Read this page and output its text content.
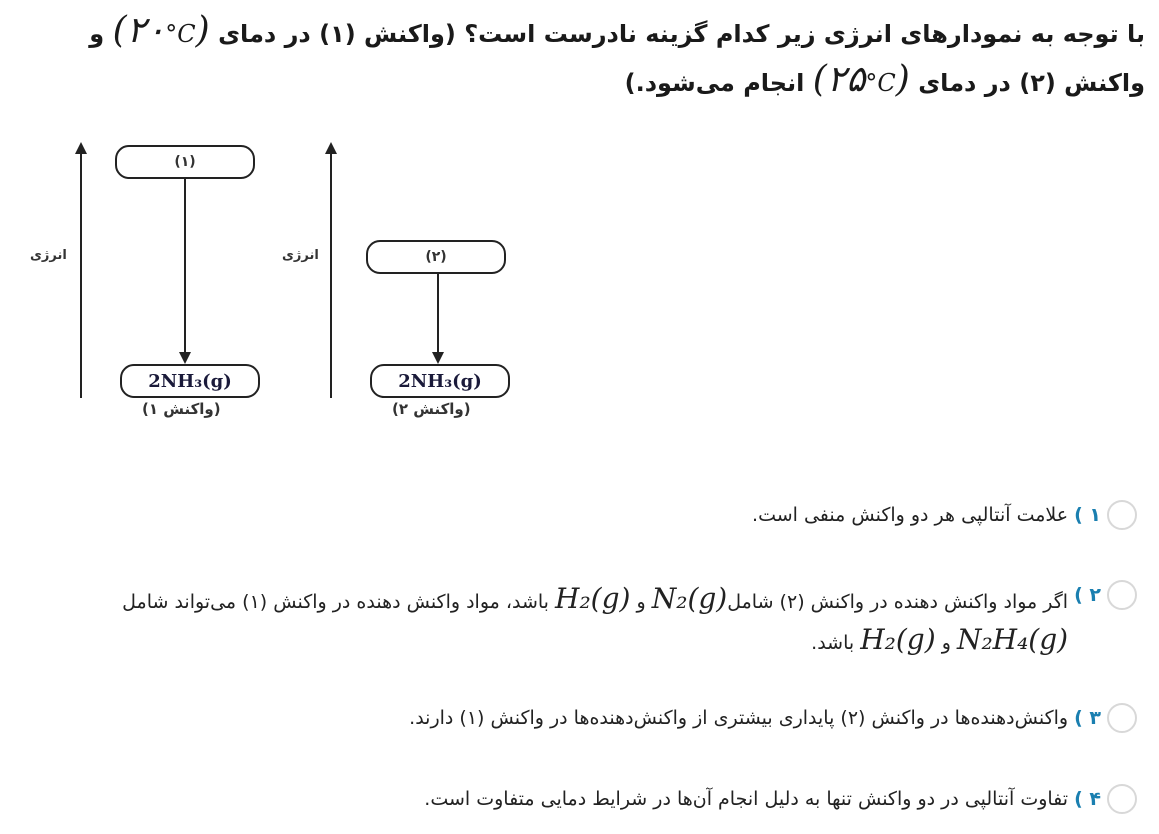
با توجه به نمودارهای انرژی زیر کدام گزینه نادرست است؟ (واکنش (۱) در دمای (۲۰°C) و واکنش (۲) در دمای (۲۵°C) انجام می‌شود.)
انرژی
(۱)
2NH₃(g)
(واکنش ۱)
انرژی	(۲)
2NH₃(g)
(واکنش ۲)
۱ )
علامت آنتالپی هر دو واکنش منفی است.
۲ )
اگر مواد واکنش دهنده در واکنش (۲) شاملN₂(g) و H₂(g) باشد، مواد واکنش دهنده در واکنش (۱) می‌تواند شامل
N₂H₄(g) و H₂(g) باشد.
۳ )
واکنش‌دهنده‌ها در واکنش (۲) پایداری بیشتری از واکنش‌دهنده‌ها در واکنش (۱) دارند.
۴ )
تفاوت آنتالپی در دو واکنش تنها به دلیل انجام آن‌ها در شرایط دمایی متفاوت است.
